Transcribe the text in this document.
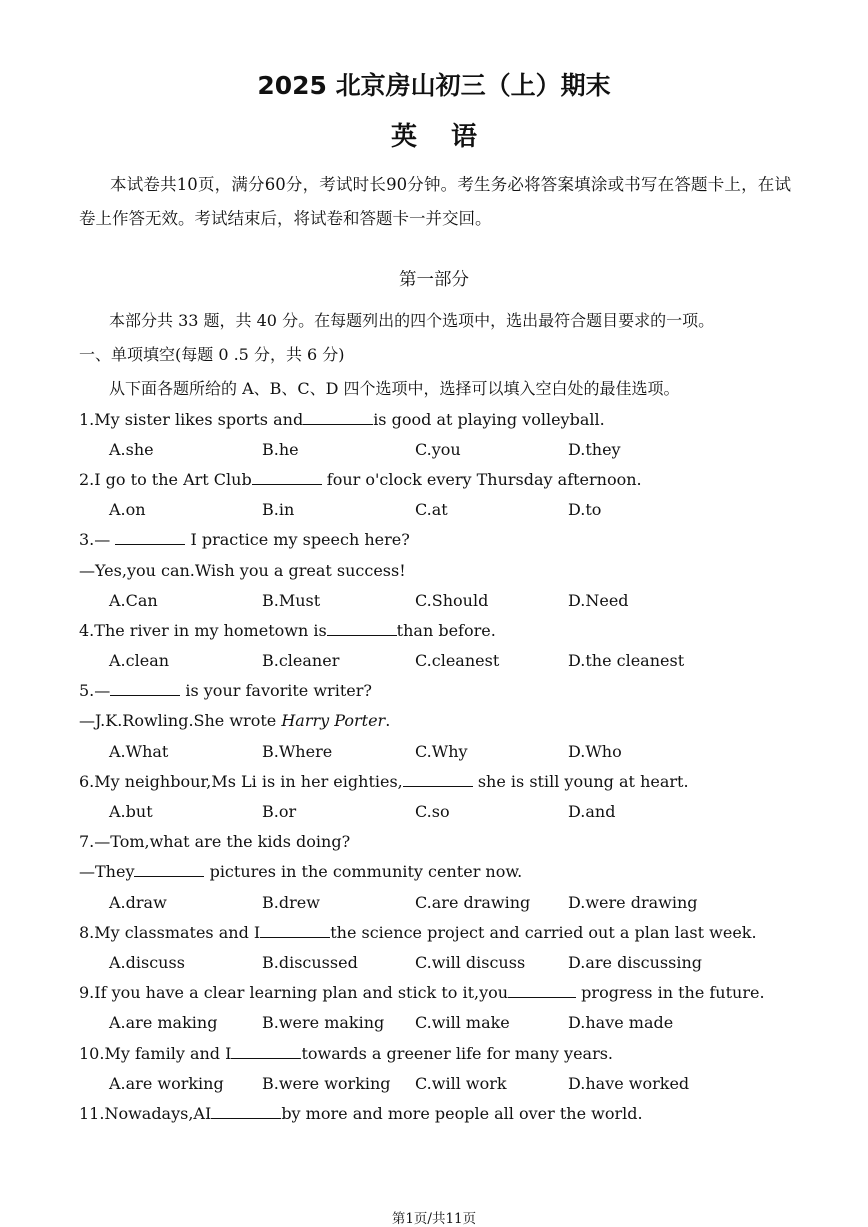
2025 北京房山初三（上）期末
英语
本试卷共10页，满分60分，考试时长90分钟。考生务必将答案填涂或书写在答题卡上，在试卷上作答无效。考试结束后，将试卷和答题卡一并交回。
第一部分
本部分共 33 题，共 40 分。在每题列出的四个选项中，选出最符合题目要求的一项。
一、单项填空(每题 0 .5 分，共 6 分)
从下面各题所给的 A、B、C、D 四个选项中，选择可以填入空白处的最佳选项。
1.My sister likes sports and	is good at playing volleyball.
A.she	B.he	C.you	D.they
2.I go to the Art Club	four o'clock every Thursday afternoon.
A.on	B.in	C.at	D.to
3.—	I practice my speech here?
—Yes,you can.Wish you a great success!
A.Can	B.Must	C.Should	D.Need
4.The river in my hometown is	than before.
A.clean	B.cleaner	C.cleanest	D.the cleanest
5.—	is your favorite writer?
—J.K.Rowling.She wrote Harry Porter.
A.What	B.Where	C.Why	D.Who
6.My neighbour,Ms Li is in her eighties,	she is still young at heart.
A.but	B.or	C.so	D.and
7.—Tom,what are the kids doing?
—They	pictures in the community center now.
A.draw	B.drew	C.are drawing D.were drawing
8.My classmates and I	the science project and carried out a plan last week.
A.discuss	B.discussed	C.will discuss	D.are discussing
9.If you have a clear learning plan and stick to it,you	progress in the future.
A.are making	B.were making C.will make	D.have made
10.My family and I	towards a greener life for many years.
A.are working B.were working C.will work	D.have worked
11.Nowadays,AI	by more and more people all over the world.
第1页/共11页
